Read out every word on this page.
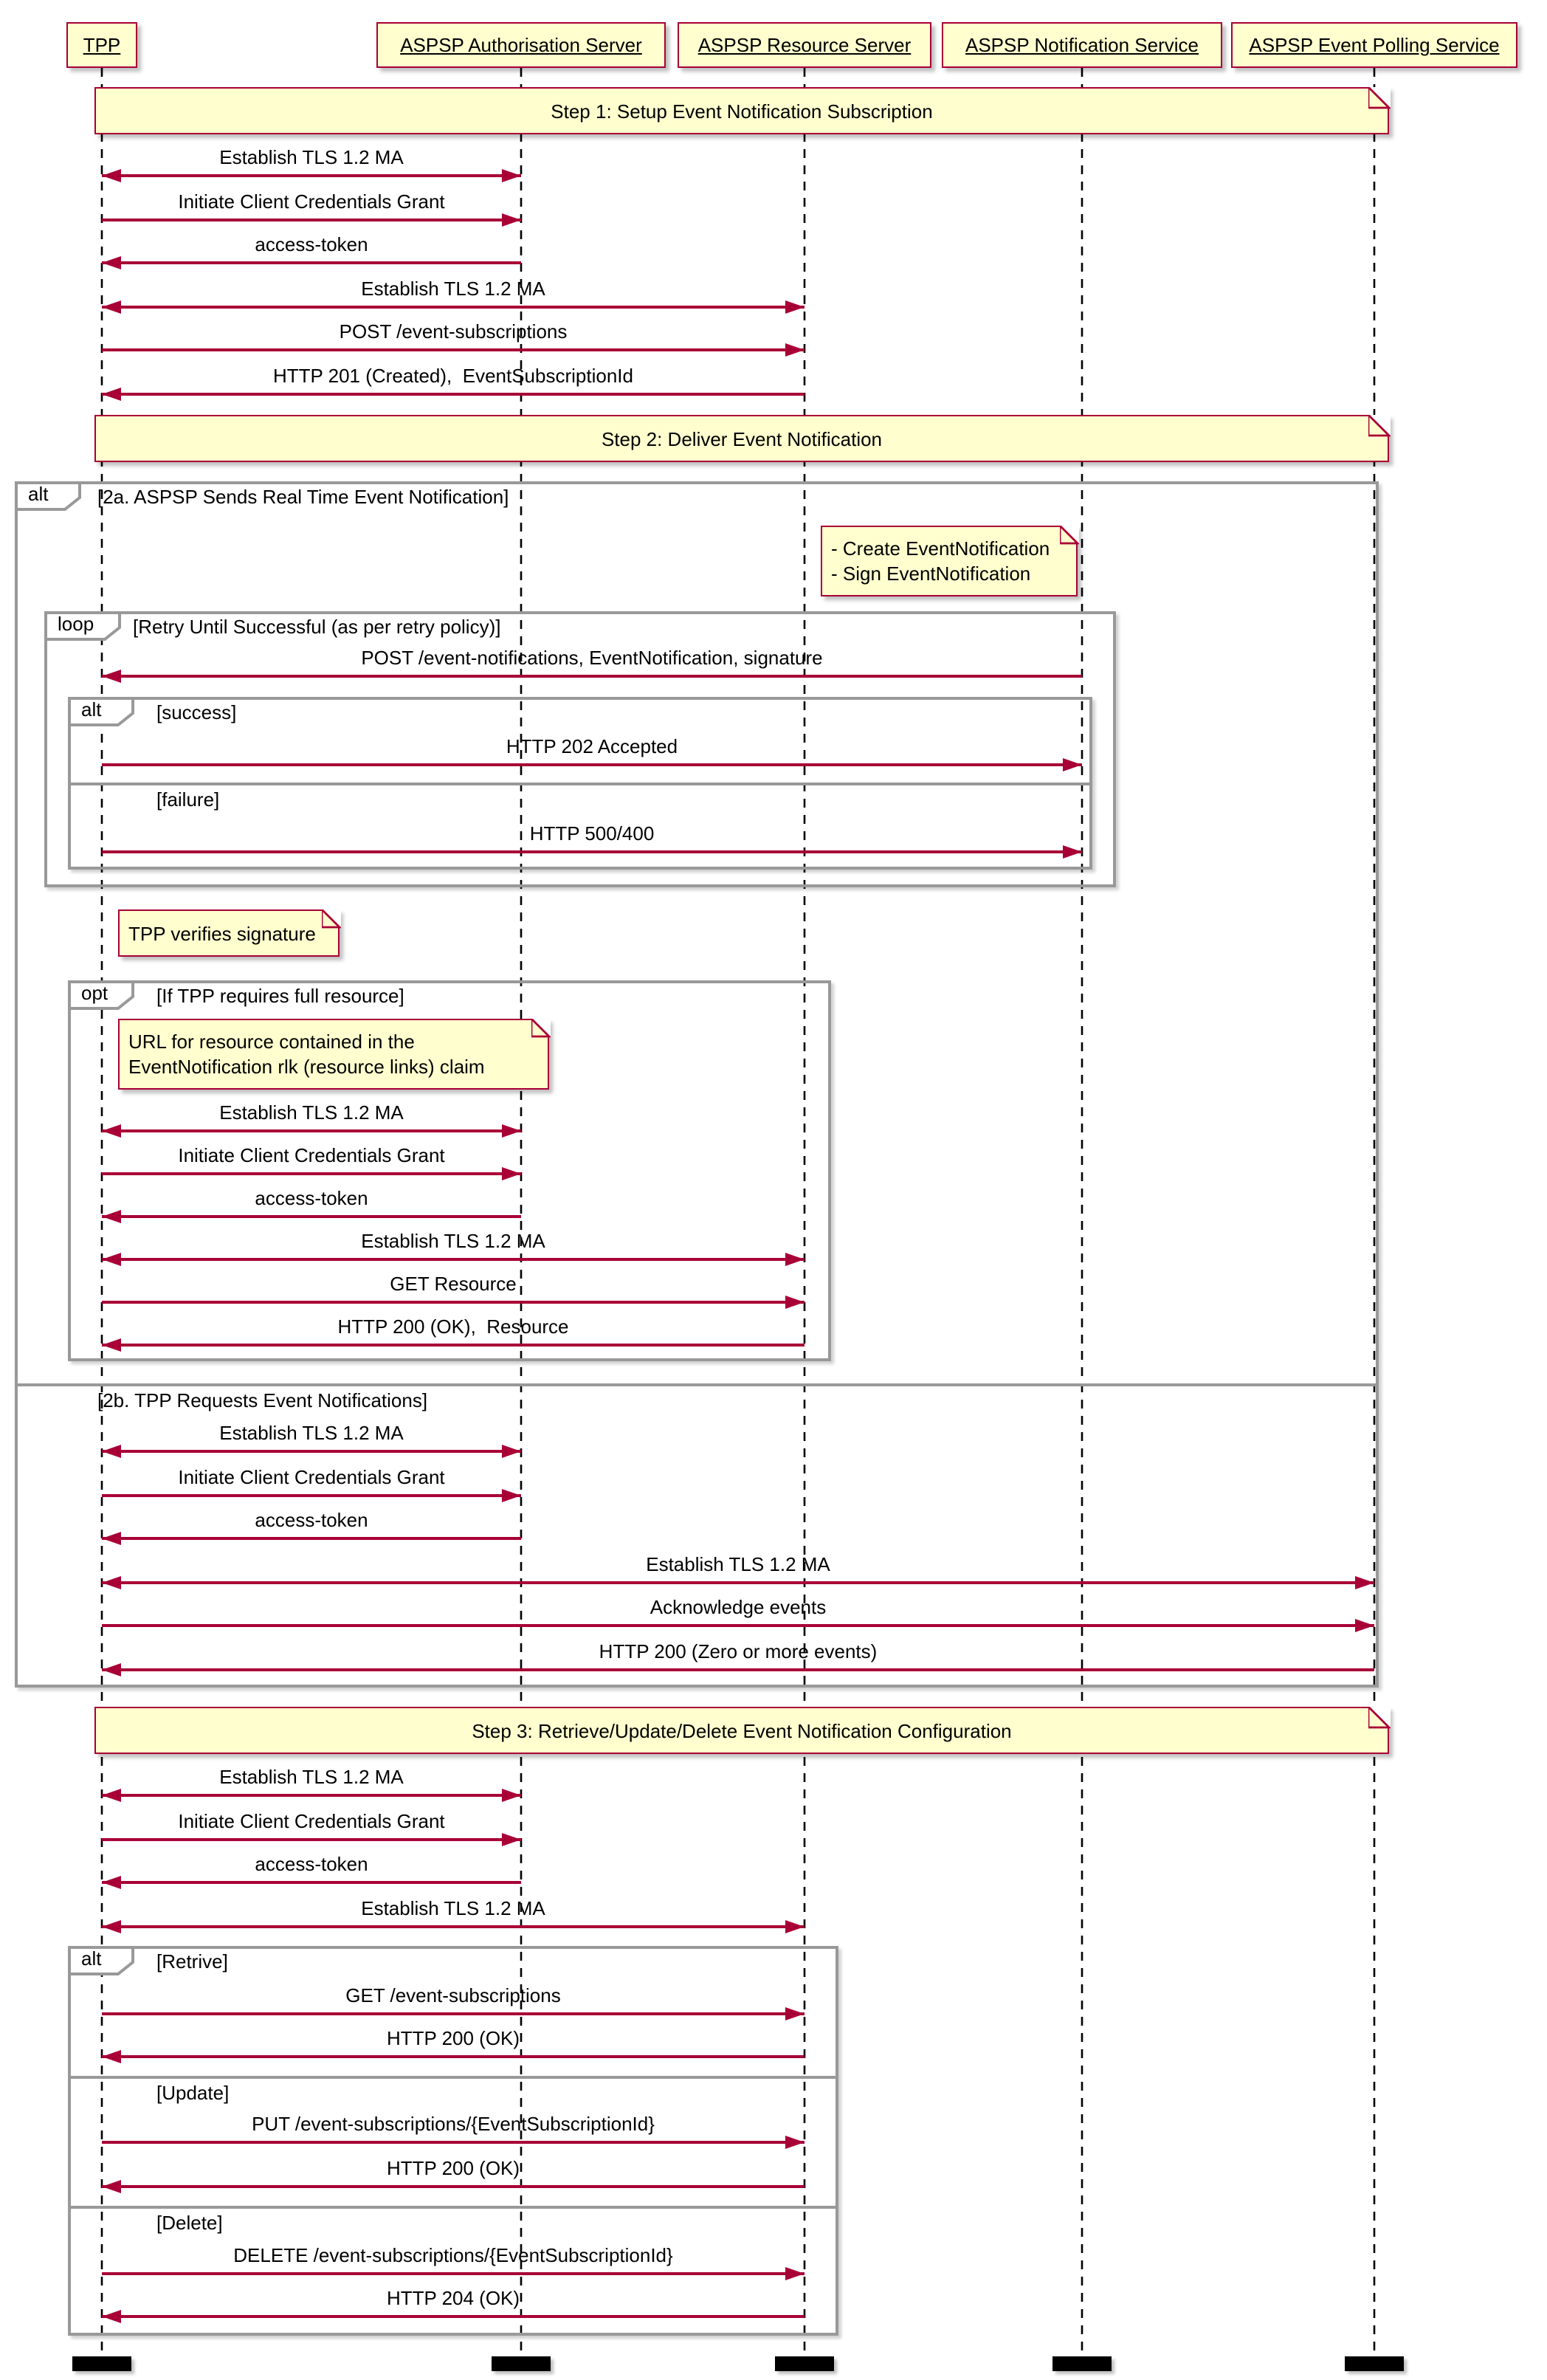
alt	[2a. ASPSP Sends Real Time Event Notification]
loop	[Retry Until Successful (as per retry policy)]
alt	[success]
opt	[If TPP requires full resource]
alt	[Retrive]
[failure]
[2b. TPP Requests Event Notifications]
[Update]
[Delete]
Establish TLS 1.2 MA
Initiate Client Credentials Grant
access-token
Establish TLS 1.2 MA
POST /event-subscriptions
HTTP 201 (Created),  EventSubscriptionId
POST /event-notifications, EventNotification, signature
HTTP 202 Accepted
HTTP 500/400
Establish TLS 1.2 MA
Initiate Client Credentials Grant
access-token
Establish TLS 1.2 MA
GET Resource
HTTP 200 (OK),  Resource
Establish TLS 1.2 MA
Initiate Client Credentials Grant
access-token
Establish TLS 1.2 MA
Acknowledge events
HTTP 200 (Zero or more events)
Establish TLS 1.2 MA
Initiate Client Credentials Grant
access-token
Establish TLS 1.2 MA
GET /event-subscriptions
HTTP 200 (OK)
PUT /event-subscriptions/{EventSubscriptionId}
HTTP 200 (OK)
DELETE /event-subscriptions/{EventSubscriptionId}
HTTP 204 (OK)
- Create EventNotification
- Sign EventNotification
TPP verifies signature
URL for resource contained in the
EventNotification rlk (resource links) claim
Step 1: Setup Event Notification Subscription
Step 2: Deliver Event Notification
Step 3: Retrieve/Update/Delete Event Notification Configuration
TPP	ASPSP Authorisation Server	ASPSP Resource Server	ASPSP Notification Service	ASPSP Event Polling Service
